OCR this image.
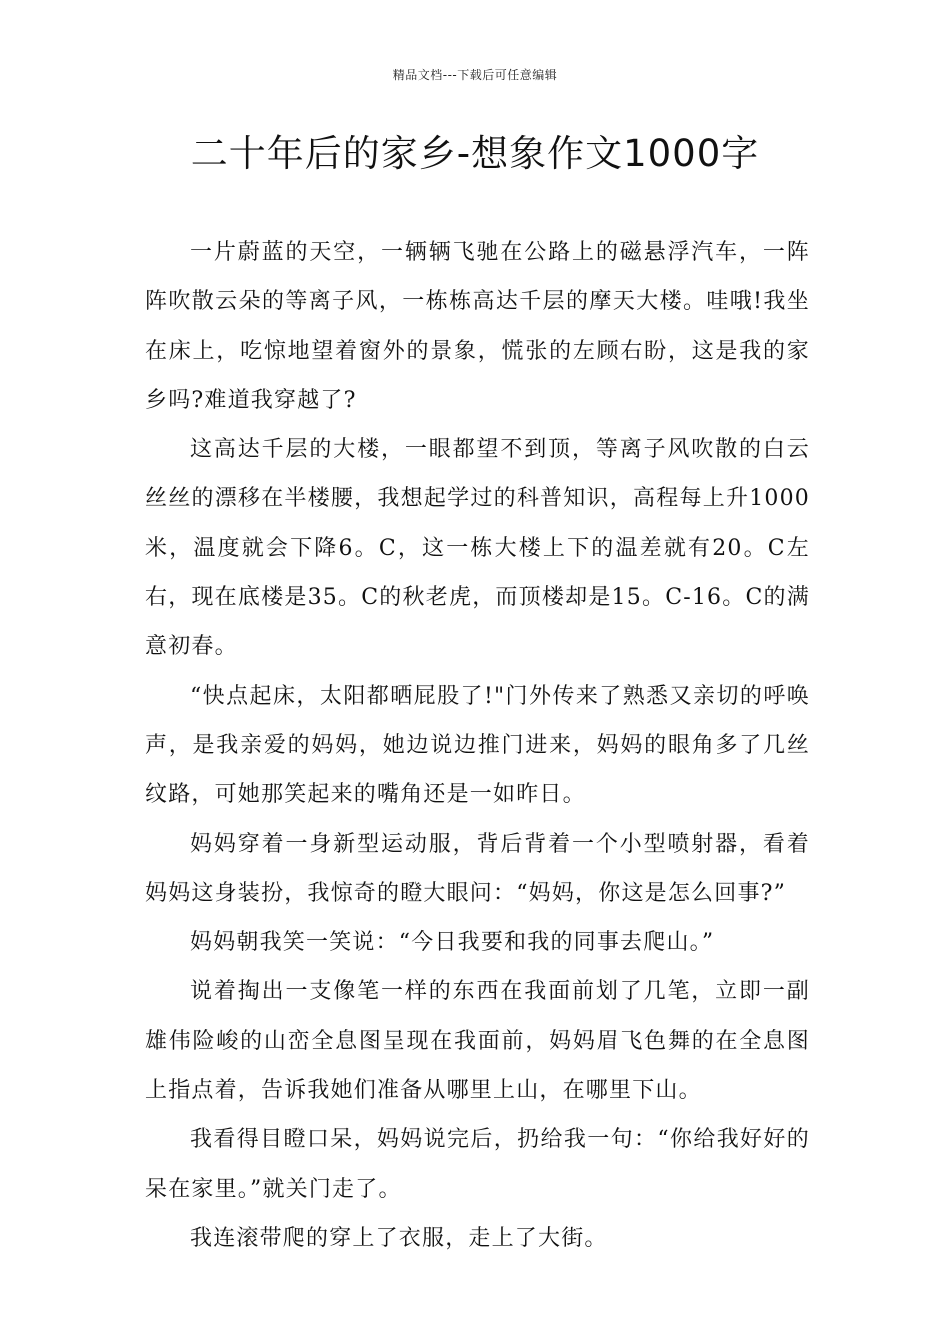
精品文档---下载后可任意编辑
二十年后的家乡-想象作文1000字

一片蔚蓝的天空，一辆辆飞驰在公路上的磁悬浮汽车，一阵阵吹散云朵的等离子风，一栋栋高达千层的摩天大楼。哇哦!我坐在床上，吃惊地望着窗外的景象，慌张的左顾右盼，这是我的家乡吗?难道我穿越了?

这高达千层的大楼，一眼都望不到顶，等离子风吹散的白云丝丝的漂移在半楼腰，我想起学过的科普知识，高程每上升1000米，温度就会下降6。C，这一栋大楼上下的温差就有20。C左右，现在底楼是35。C的秋老虎，而顶楼却是15。C-16。C的满意初春。

“快点起床，太阳都晒屁股了!"门外传来了熟悉又亲切的呼唤声，是我亲爱的妈妈，她边说边推门进来，妈妈的眼角多了几丝纹路，可她那笑起来的嘴角还是一如昨日。

妈妈穿着一身新型运动服，背后背着一个小型喷射器，看着妈妈这身装扮，我惊奇的瞪大眼问：“妈妈，你这是怎么回事?”

妈妈朝我笑一笑说：“今日我要和我的同事去爬山。”

说着掏出一支像笔一样的东西在我面前划了几笔，立即一副雄伟险峻的山峦全息图呈现在我面前，妈妈眉飞色舞的在全息图上指点着，告诉我她们准备从哪里上山，在哪里下山。

我看得目瞪口呆，妈妈说完后，扔给我一句：“你给我好好的呆在家里。”就关门走了。

我连滚带爬的穿上了衣服，走上了大街。
